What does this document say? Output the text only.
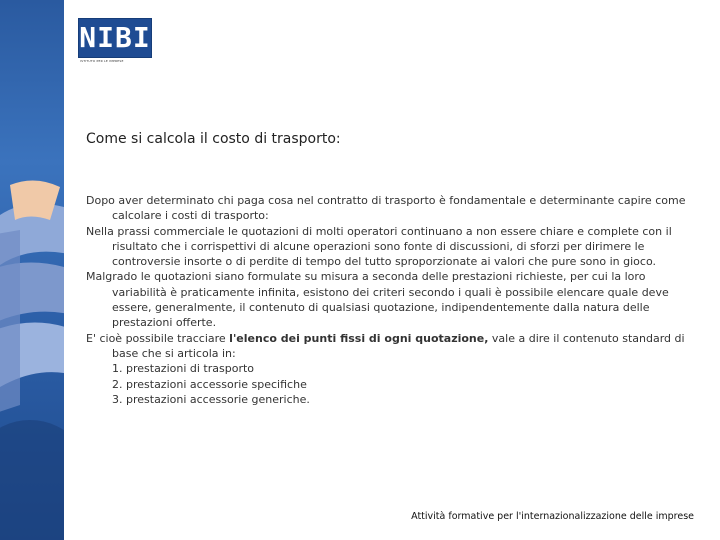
NIBI
ISTITUTO PER LE IMPRESE
Come si calcola il costo di trasporto:

Dopo aver determinato chi paga cosa nel contratto di trasporto è fondamentale e determinante capire come calcolare i costi di trasporto:

Nella prassi commerciale le quotazioni di molti operatori continuano a non essere chiare e complete con il risultato che i corrispettivi di alcune operazioni sono fonte di discussioni, di sforzi per dirimere le controversie insorte o di perdite di tempo del tutto sproporzionate ai valori che pure sono in gioco.

Malgrado le quotazioni siano formulate su misura a seconda delle prestazioni richieste, per cui la loro variabilità è praticamente infinita, esistono dei criteri secondo i quali è possibile elencare quale deve essere, generalmente, il contenuto di qualsiasi quotazione, indipendentemente dalla natura delle prestazioni offerte.

E' cioè possibile tracciare l'elenco dei punti fissi di ogni quotazione, vale a dire il contenuto standard di base che si articola in:

1. prestazioni di trasporto

2. prestazioni accessorie specifiche

3. prestazioni accessorie generiche.

Attività formative per l'internazionalizzazione delle imprese
